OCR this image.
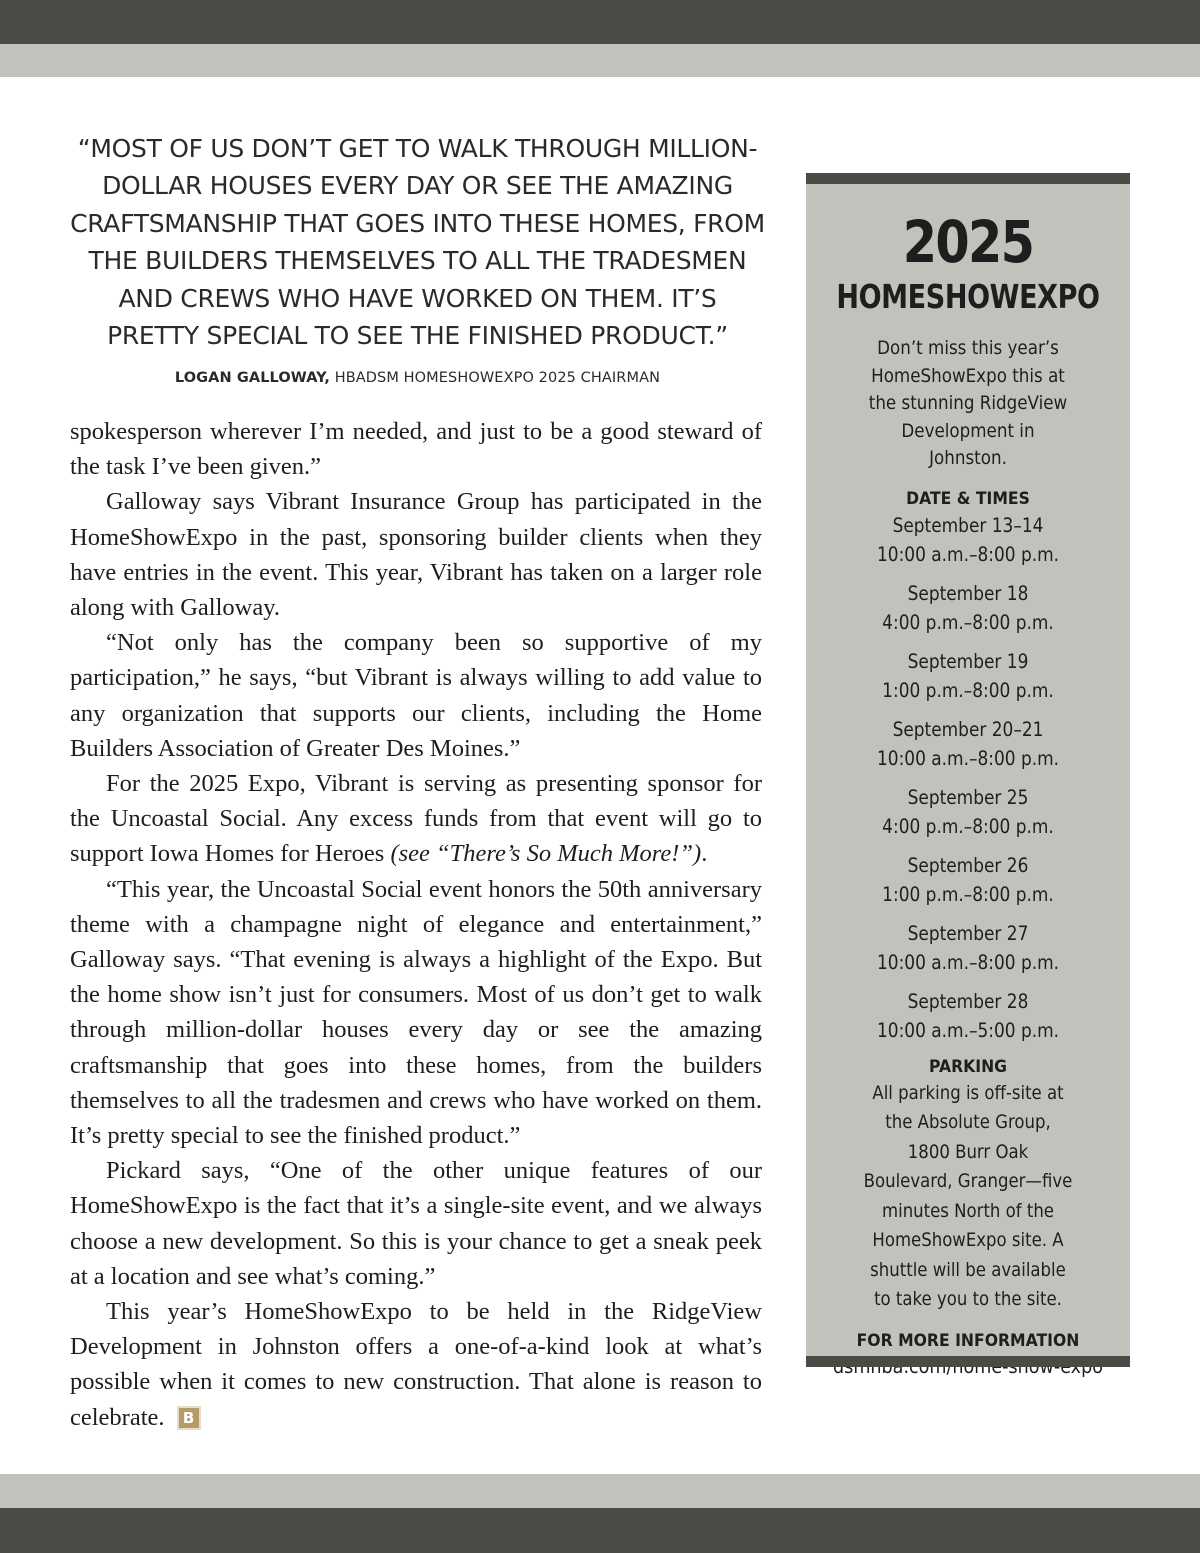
“MOST OF US DON’T GET TO WALK THROUGH MILLION-DOLLAR HOUSES EVERY DAY OR SEE THE AMAZING CRAFTSMANSHIP THAT GOES INTO THESE HOMES, FROM THE BUILDERS THEMSELVES TO ALL THE TRADESMEN AND CREWS WHO HAVE WORKED ON THEM. IT’S PRETTY SPECIAL TO SEE THE FINISHED PRODUCT.”

LOGAN GALLOWAY, HBADSM HOMESHOWEXPO 2025 CHAIRMAN

spokesperson wherever I’m needed, and just to be a good steward of the task I’ve been given.”

Galloway says Vibrant Insurance Group has participated in the HomeShowExpo in the past, sponsoring builder clients when they have entries in the event. This year, Vibrant has taken on a larger role along with Galloway.

“Not only has the company been so supportive of my participation,” he says, “but Vibrant is always willing to add value to any organization that supports our clients, including the Home Builders Association of Greater Des Moines.”

For the 2025 Expo, Vibrant is serving as presenting sponsor for the Uncoastal Social. Any excess funds from that event will go to support Iowa Homes for Heroes (see “There’s So Much More!”).

“This year, the Uncoastal Social event honors the 50th anniversary theme with a champagne night of elegance and entertainment,” Galloway says. “That evening is always a highlight of the Expo. But the home show isn’t just for consumers. Most of us don’t get to walk through million-dollar houses every day or see the amazing craftsmanship that goes into these homes, from the builders themselves to all the tradesmen and crews who have worked on them. It’s pretty special to see the finished product.”

Pickard says, “One of the other unique features of our HomeShowExpo is the fact that it’s a single-site event, and we always choose a new development. So this is your chance to get a sneak peek at a location and see what’s coming.”

This year’s HomeShowExpo to be held in the RidgeView Development in Johnston offers a one-of-a-kind look at what’s possible when it comes to new construction. That alone is reason to celebrate. B

2025
HOMESHOWEXPO
Don’t miss this year’s HomeShowExpo this at the stunning RidgeView Development in Johnston.
DATE & TIMES
September 13–14
10:00 a.m.–8:00 p.m.
September 18
4:00 p.m.–8:00 p.m.
September 19
1:00 p.m.–8:00 p.m.
September 20–21
10:00 a.m.–8:00 p.m.
September 25
4:00 p.m.–8:00 p.m.
September 26
1:00 p.m.–8:00 p.m.
September 27
10:00 a.m.–8:00 p.m.
September 28
10:00 a.m.–5:00 p.m.
PARKING
All parking is off-site at the Absolute Group, 1800 Burr Oak Boulevard, Granger—five minutes North of the HomeShowExpo site. A shuttle will be available to take you to the site.
FOR MORE INFORMATION
